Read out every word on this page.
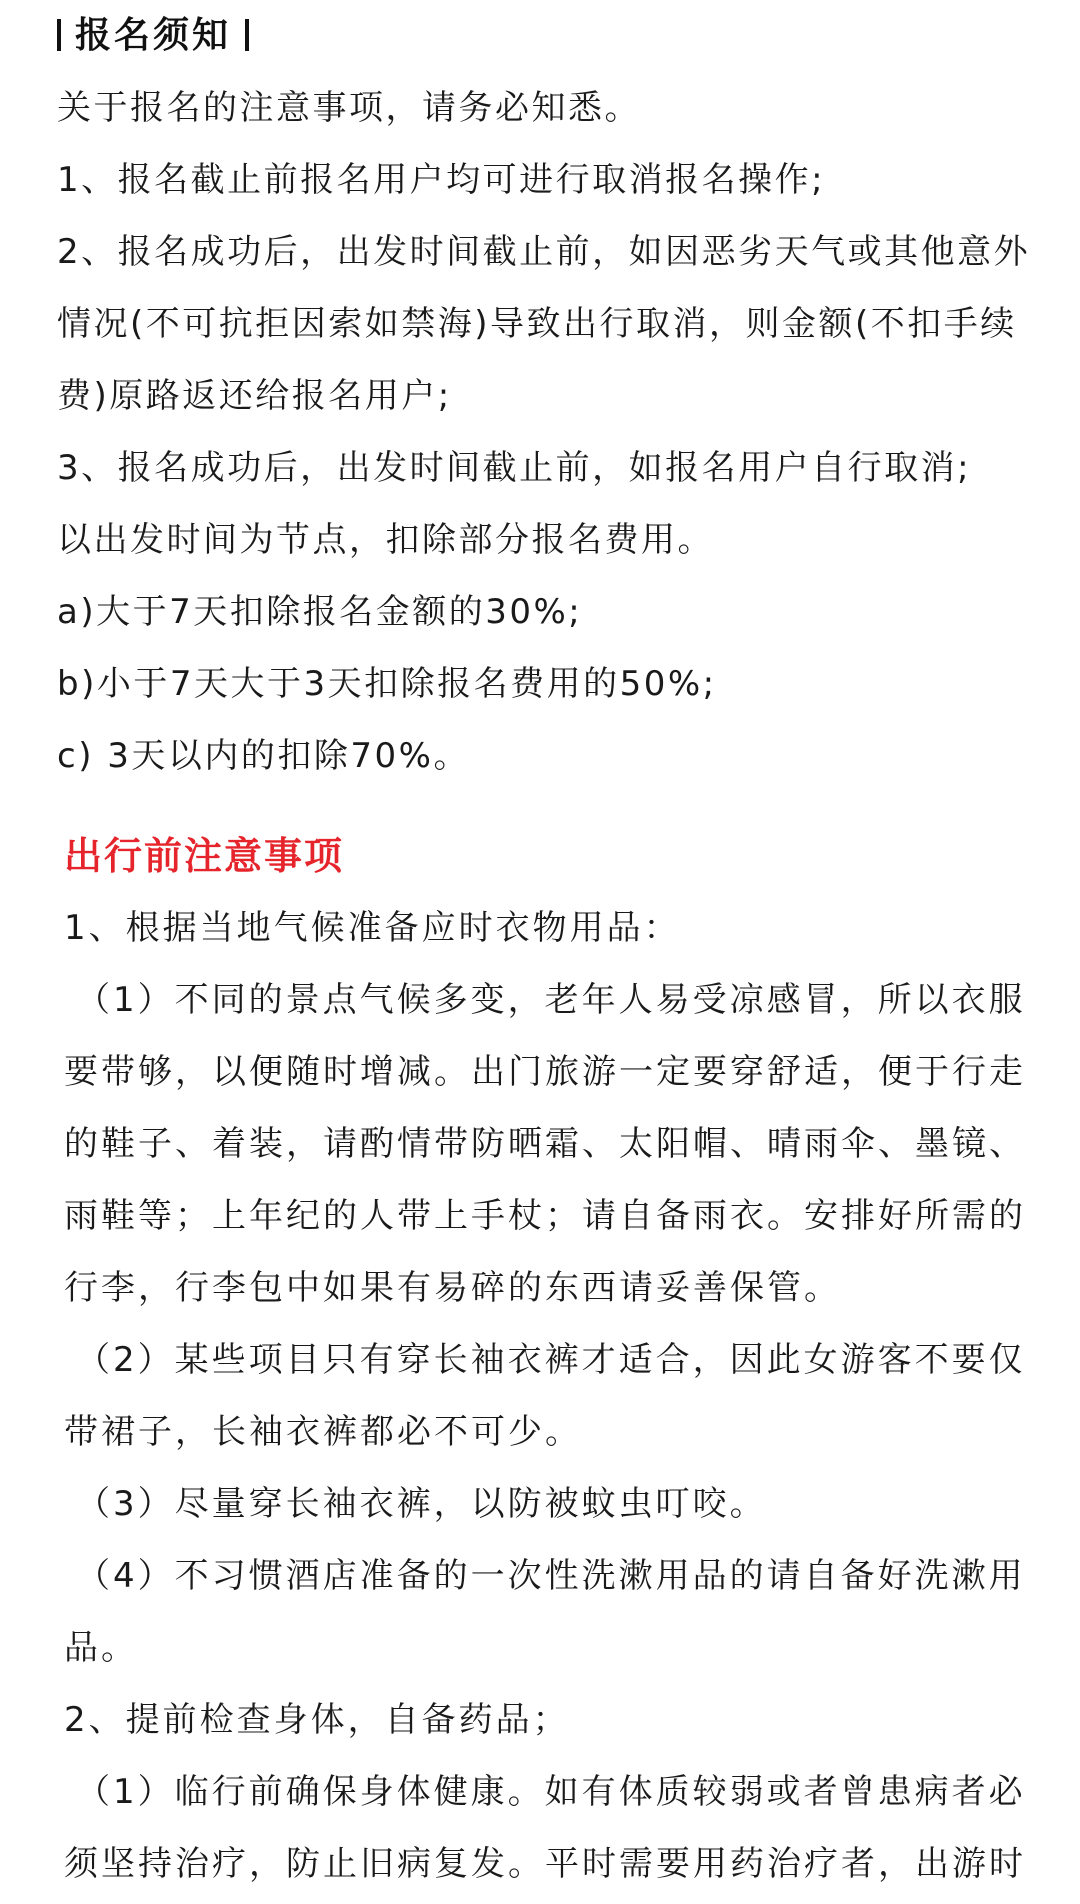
报名须知

关于报名的注意事项，请务必知悉。

1、报名截止前报名用户均可进行取消报名操作;

2、报名成功后，出发时间截止前，如因恶劣天气或其他意外情况(不可抗拒因索如禁海)导致出行取消，则金额(不扣手续费)原路返还给报名用户;

3、报名成功后，出发时间截止前，如报名用户自行取消;

以出发时间为节点，扣除部分报名费用。

a)大于7天扣除报名金额的30%;

b)小于7天大于3天扣除报名费用的50%;

c) 3天以内的扣除70%。

出行前注意事项

1、根据当地气候准备应时衣物用品：

（1）不同的景点气候多变，老年人易受凉感冒，所以衣服要带够，以便随时增减。出门旅游一定要穿舒适，便于行走的鞋子、着装，请酌情带防晒霜、太阳帽、晴雨伞、墨镜、雨鞋等；上年纪的人带上手杖；请自备雨衣。安排好所需的行李，行李包中如果有易碎的东西请妥善保管。

（2）某些项目只有穿长袖衣裤才适合，因此女游客不要仅带裙子，长袖衣裤都必不可少。

（3）尽量穿长袖衣裤，以防被蚊虫叮咬。

（4）不习惯酒店准备的一次性洗漱用品的请自备好洗漱用品。

2、提前检查身体，自备药品；

（1）临行前确保身体健康。如有体质较弱或者曾患病者必须坚持治疗，防止旧病复发。平时需要用药治疗者，出游时
